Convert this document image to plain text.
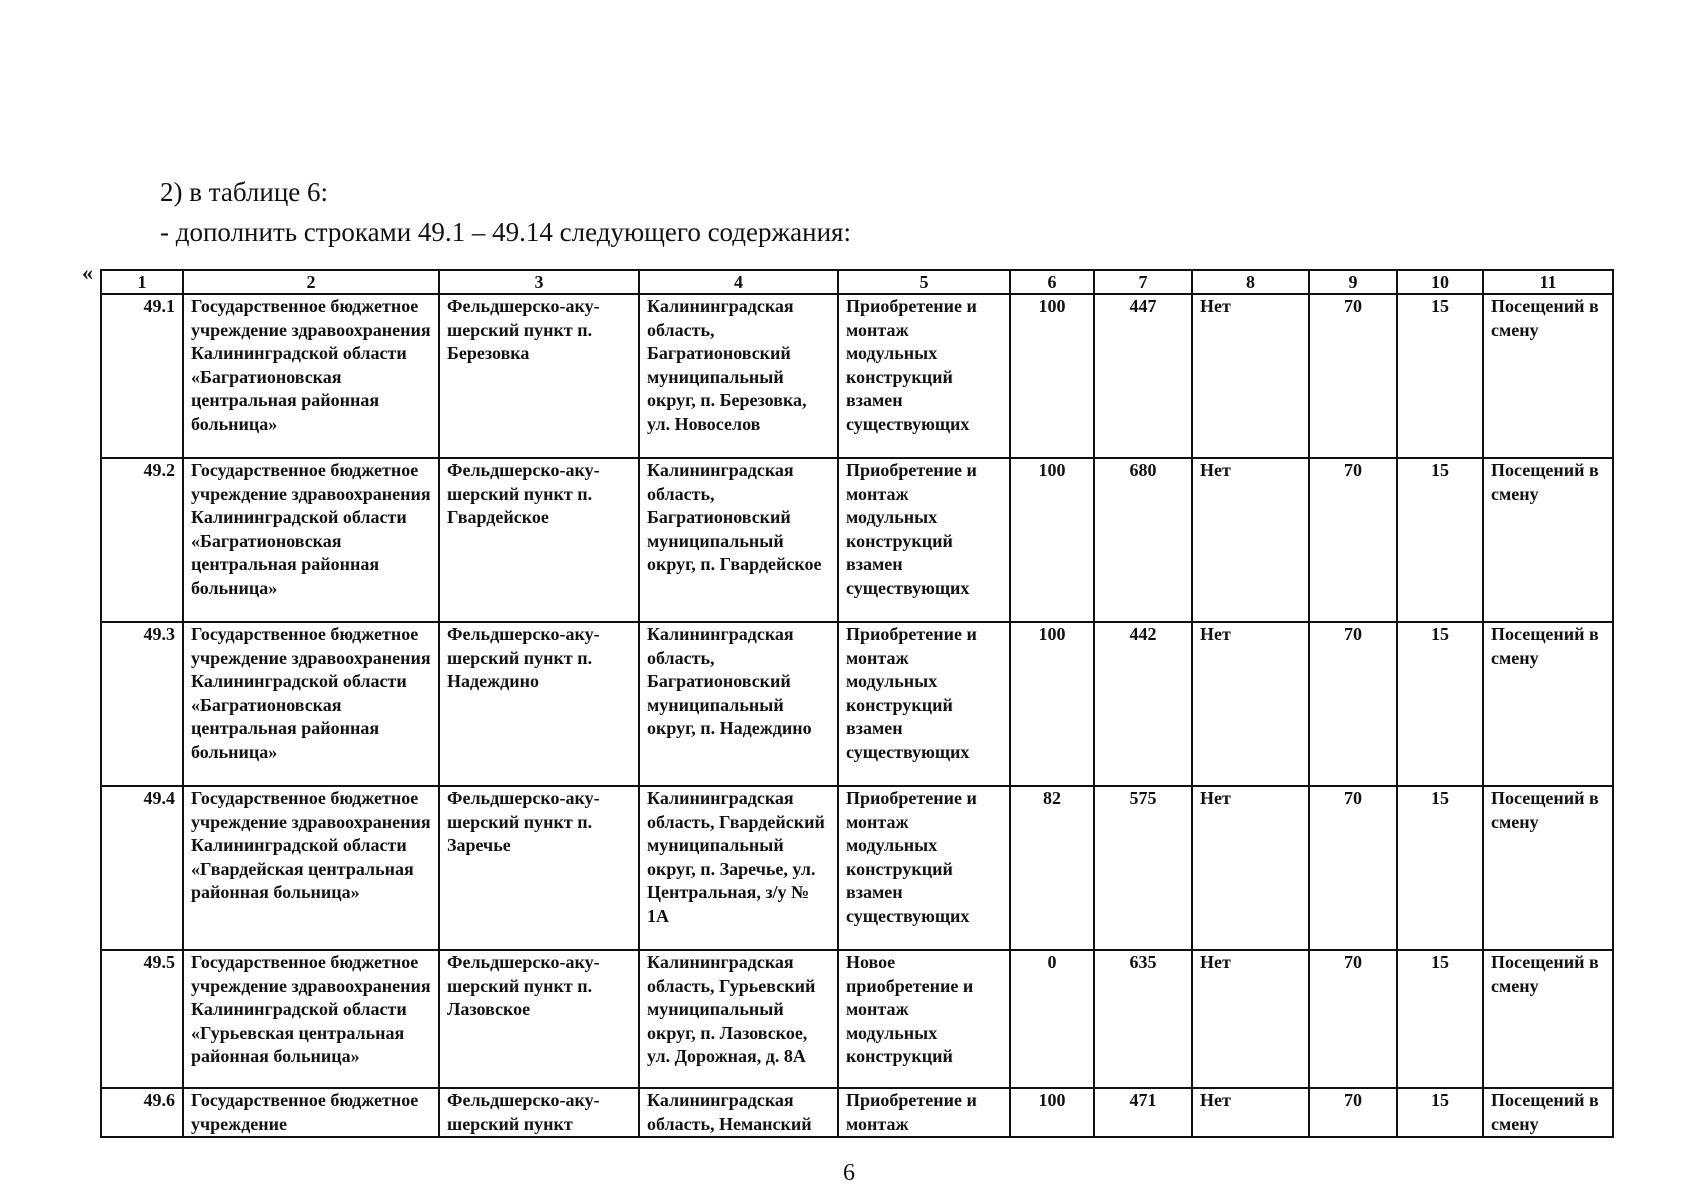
2) в таблице 6:
- дополнить строками 49.1 – 49.14 следующего содержания:
« 1	2	3	4	5	6	7	8	9	10	11
49.1	Государственное бюджетное учреждение здравоохранения Калининградской области «Багратионовская центральная районная больница»	Фельдшерско-аку-шерский пункт п. Березовка	Калининградская область, Багратионовский муниципальный округ, п. Березовка, ул. Новоселов	Приобретение и монтаж модульных конструкций взамен существующих	100	447	Нет	70	15	Посещений в смену
49.2	Государственное бюджетное учреждение здравоохранения Калининградской области «Багратионовская центральная районная больница»	Фельдшерско-аку-шерский пункт п. Гвардейское	Калининградская область, Багратионовский муниципальный округ, п. Гвардейское	Приобретение и монтаж модульных конструкций взамен существующих	100	680	Нет	70	15	Посещений в смену
49.3	Государственное бюджетное учреждение здравоохранения Калининградской области «Багратионовская центральная районная больница»	Фельдшерско-аку-шерский пункт п. Надеждино	Калининградская область, Багратионовский муниципальный округ, п. Надеждино	Приобретение и монтаж модульных конструкций взамен существующих	100	442	Нет	70	15	Посещений в смену
49.4	Государственное бюджетное учреждение здравоохранения Калининградской области «Гвардейская центральная районная больница»	Фельдшерско-аку-шерский пункт п. Заречье	Калининградская область, Гвардейский муниципальный округ, п. Заречье, ул. Центральная, з/у № 1А	Приобретение и монтаж модульных конструкций взамен существующих	82	575	Нет	70	15	Посещений в смену
49.5	Государственное бюджетное учреждение здравоохранения Калининградской области «Гурьевская центральная районная больница»	Фельдшерско-аку-шерский пункт п. Лазовское	Калининградская область, Гурьевский муниципальный округ, п. Лазовское, ул. Дорожная, д. 8А	Новое приобретение и монтаж модульных конструкций	0	635	Нет	70	15	Посещений в смену
49.6	Государственное бюджетное учреждение	Фельдшерско-аку-шерский пункт	Калининградская область, Неманский	Приобретение и монтаж	100	471	Нет	70	15	Посещений в смену
6
